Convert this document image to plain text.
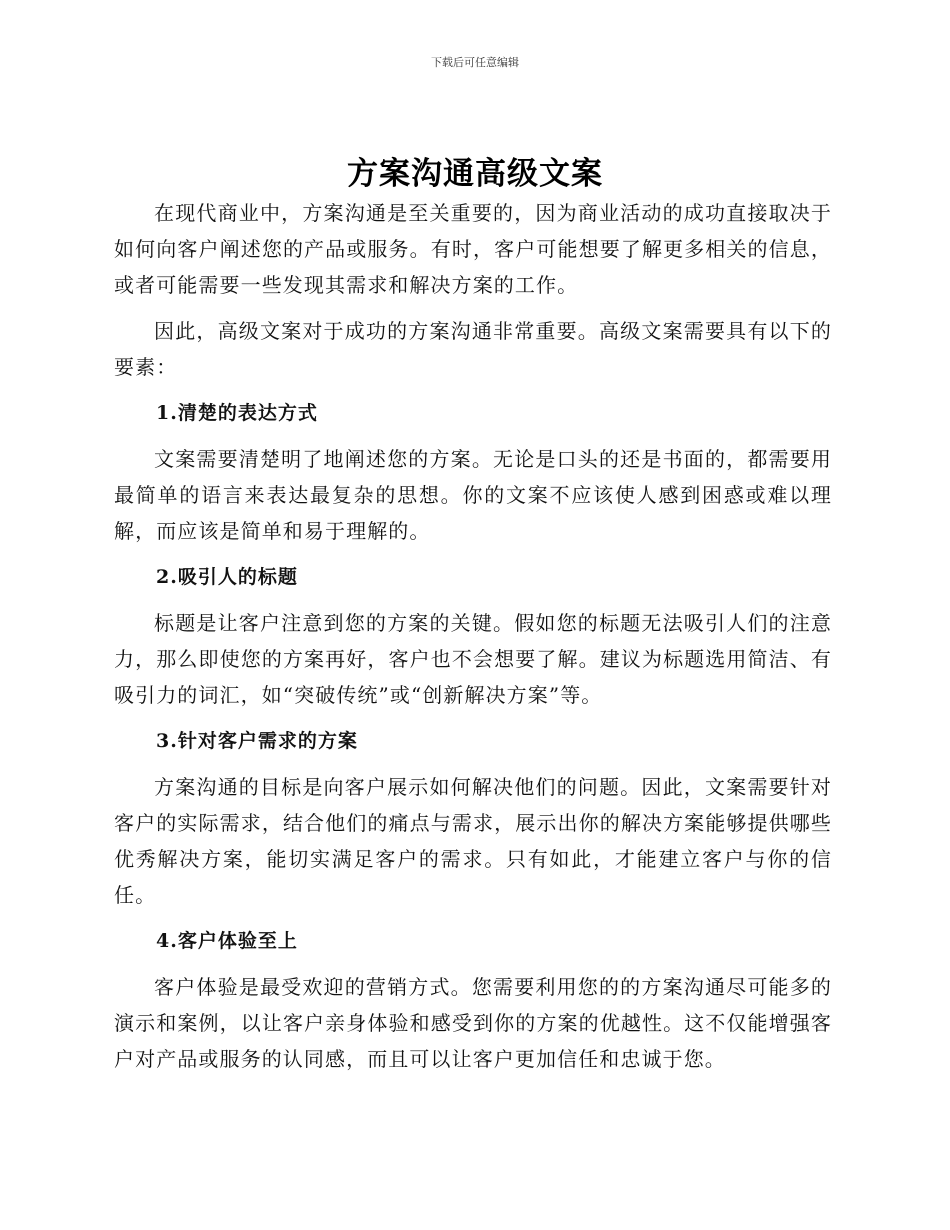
下载后可任意编辑
方案沟通高级文案

在现代商业中，方案沟通是至关重要的，因为商业活动的成功直接取决于如何向客户阐述您的产品或服务。有时，客户可能想要了解更多相关的信息，或者可能需要一些发现其需求和解决方案的工作。

因此，高级文案对于成功的方案沟通非常重要。高级文案需要具有以下的要素：

1.清楚的表达方式

文案需要清楚明了地阐述您的方案。无论是口头的还是书面的，都需要用最简单的语言来表达最复杂的思想。你的文案不应该使人感到困惑或难以理解，而应该是简单和易于理解的。

2.吸引人的标题

标题是让客户注意到您的方案的关键。假如您的标题无法吸引人们的注意力，那么即使您的方案再好，客户也不会想要了解。建议为标题选用简洁、有吸引力的词汇，如“突破传统”或“创新解决方案”等。

3.针对客户需求的方案

方案沟通的目标是向客户展示如何解决他们的问题。因此，文案需要针对客户的实际需求，结合他们的痛点与需求，展示出你的解决方案能够提供哪些优秀解决方案，能切实满足客户的需求。只有如此，才能建立客户与你的信任。

4.客户体验至上

客户体验是最受欢迎的营销方式。您需要利用您的的方案沟通尽可能多的演示和案例，以让客户亲身体验和感受到你的方案的优越性。这不仅能增强客户对产品或服务的认同感，而且可以让客户更加信任和忠诚于您。
